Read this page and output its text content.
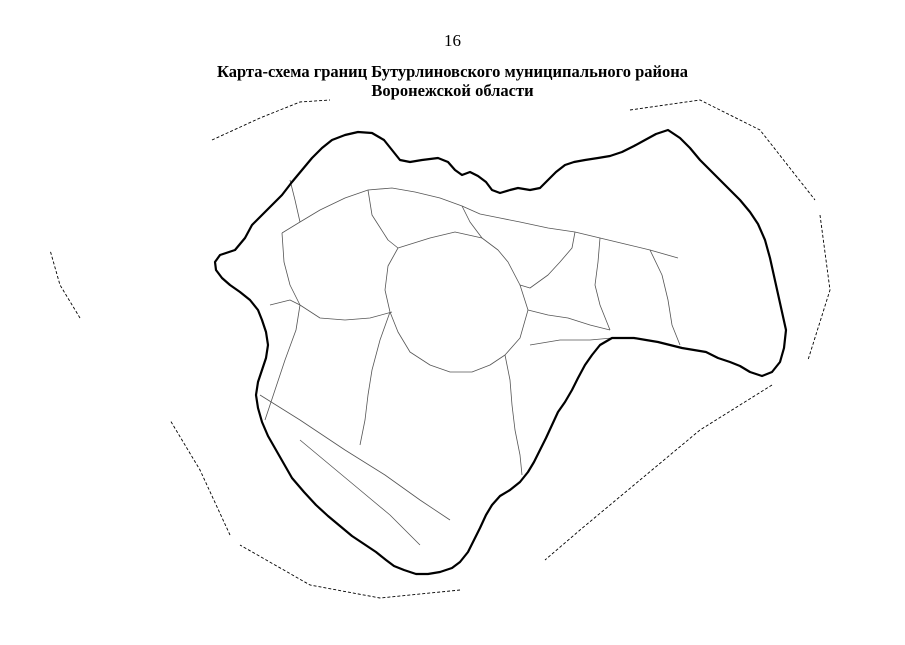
16
Карта-схема границ Бутурлиновского муниципального района
Воронежской области
